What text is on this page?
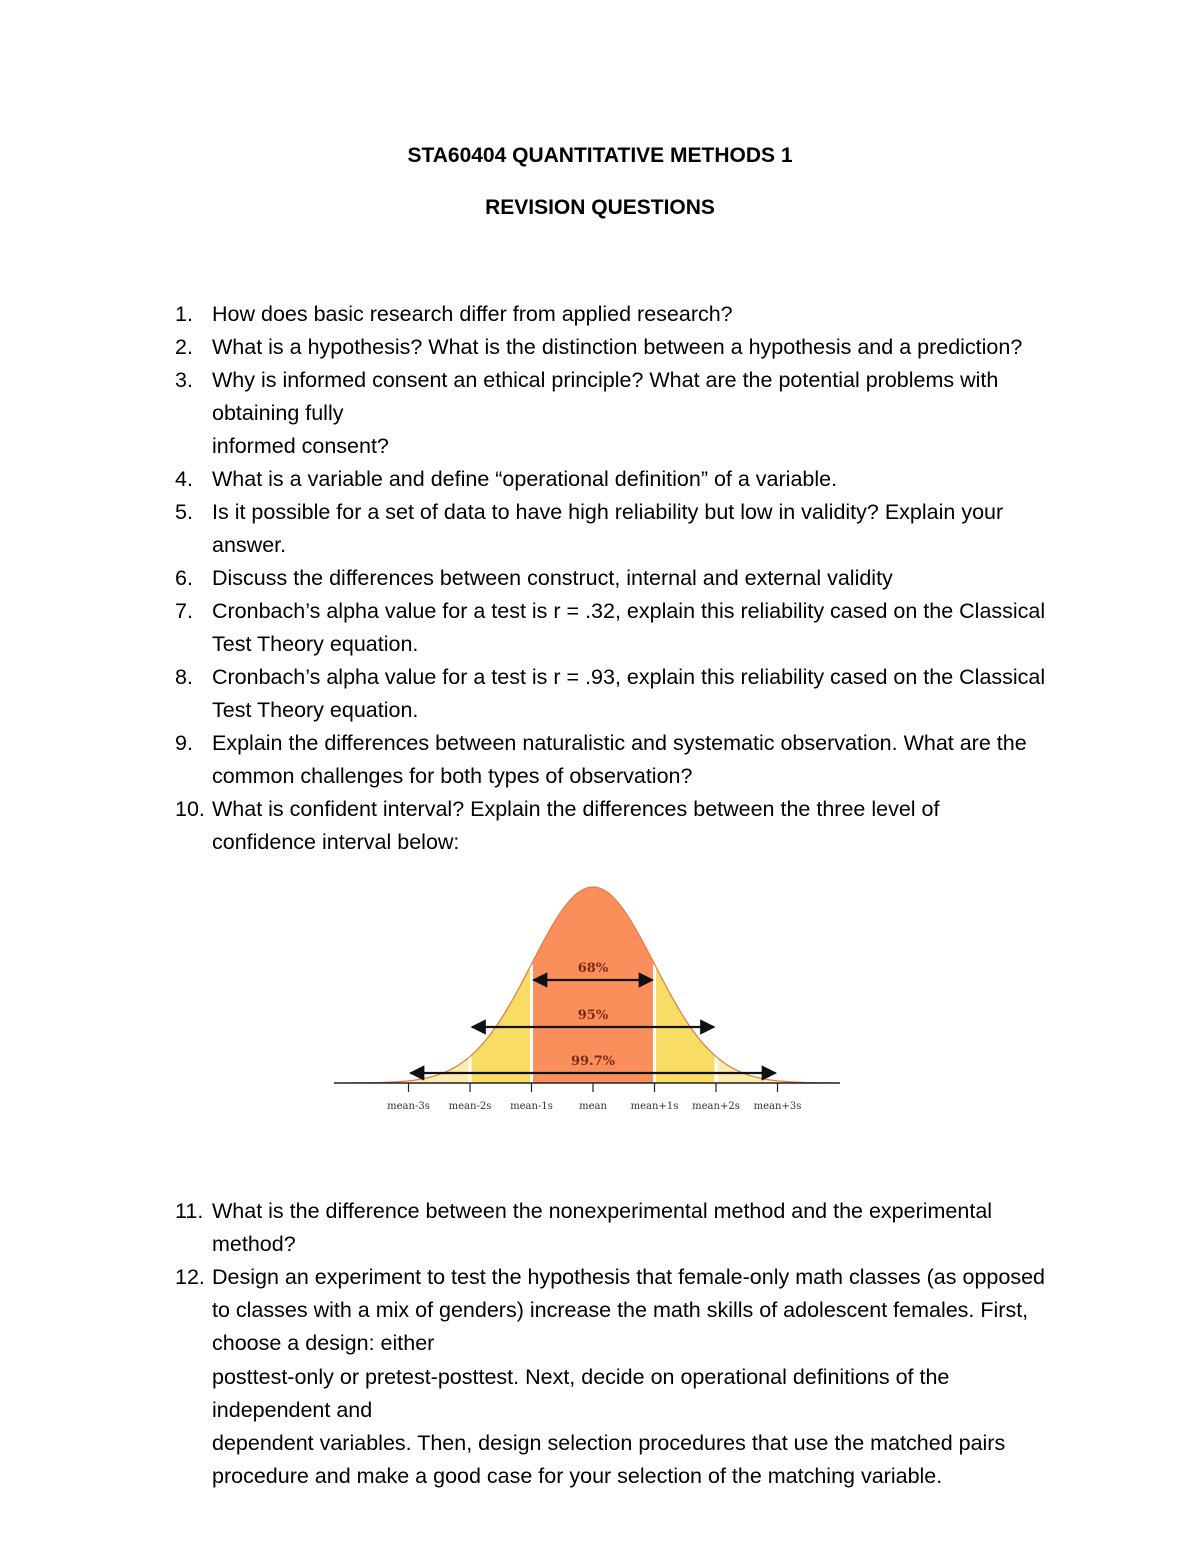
STA60404 QUANTITATIVE METHODS 1
REVISION QUESTIONS
1. How does basic research differ from applied research?
2. What is a hypothesis? What is the distinction between a hypothesis and a prediction?
3. Why is informed consent an ethical principle? What are the potential problems with
obtaining fully
informed consent?
4. What is a variable and define “operational definition” of a variable.
5. Is it possible for a set of data to have high reliability but low in validity? Explain your
answer.
6. Discuss the differences between construct, internal and external validity
7. Cronbach’s alpha value for a test is r = .32, explain this reliability cased on the Classical
Test Theory equation.
8. Cronbach’s alpha value for a test is r = .93, explain this reliability cased on the Classical
Test Theory equation.
9. Explain the differences between naturalistic and systematic observation. What are the
common challenges for both types of observation?
10. What is confident interval? Explain the differences between the three level of
confidence interval below:
11. What is the difference between the nonexperimental method and the experimental
method?
12. Design an experiment to test the hypothesis that female-only math classes (as opposed
to classes with a mix of genders) increase the math skills of adolescent females. First,
choose a design: either
posttest-only or pretest-posttest. Next, decide on operational definitions of the
independent and
dependent variables. Then, design selection procedures that use the matched pairs
procedure and make a good case for your selection of the matching variable.
mean-3s mean-2s mean-1s	mean mean+1s mean+2s mean+3s
68%
95%
99.7%
